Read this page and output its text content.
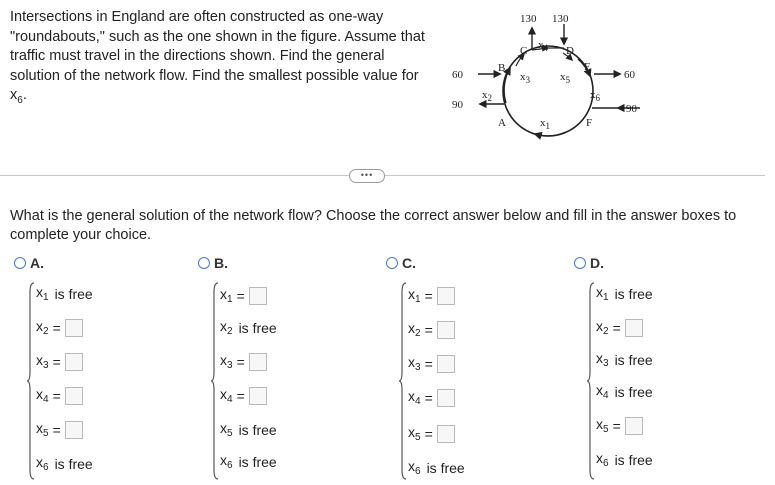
Intersections in England are often constructed as one-way
"roundabouts," such as the one shown in the figure. Assume that
traffic must travel in the directions shown. Find the general
solution of the network flow. Find the smallest possible value for
$x_6$.
130 130
60
90
60
90
B
C	D
E
A	F
$x_4$
$x_3$	$x_5$
$x_2$	$x_6$
$x_1$
•••
What is the general solution of the network flow? Choose the correct answer below and fill in the answer boxes to complete your choice.
A.
$x_1$ is free
$x_2$ =
$x_3$ =
$x_4$ =
$x_5$ =
$x_6$ is free
B.
$x_1$ =
$x_2$ is free
$x_3$ =
$x_4$ =
$x_5$ is free
$x_6$ is free
C.
$x_1$ =
$x_2$ =
$x_3$ =
$x_4$ =
$x_5$ =
$x_6$ is free
D.
$x_1$ is free
$x_2$ =
$x_3$ is free
$x_4$ is free
$x_5$ =
$x_6$ is free
